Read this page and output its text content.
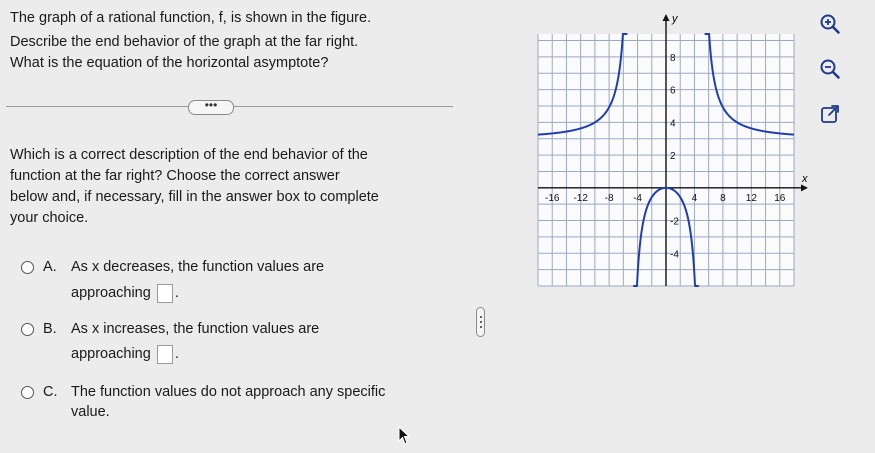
The graph of a rational function, f, is shown in the figure.
Describe the end behavior of the graph at the far right.
What is the equation of the horizontal asymptote?
•••
Which is a correct description of the end behavior of the
function at the far right? Choose the correct answer
below and, if necessary, fill in the answer box to complete
your choice.
A. As x decreases, the function values are
approaching .
B. As x increases, the function values are
approaching .
C. The function values do not approach any specific
value.
-16 -12 -8 -4	4 8 12 16
8
6
4
2
-2
-4
x
y
